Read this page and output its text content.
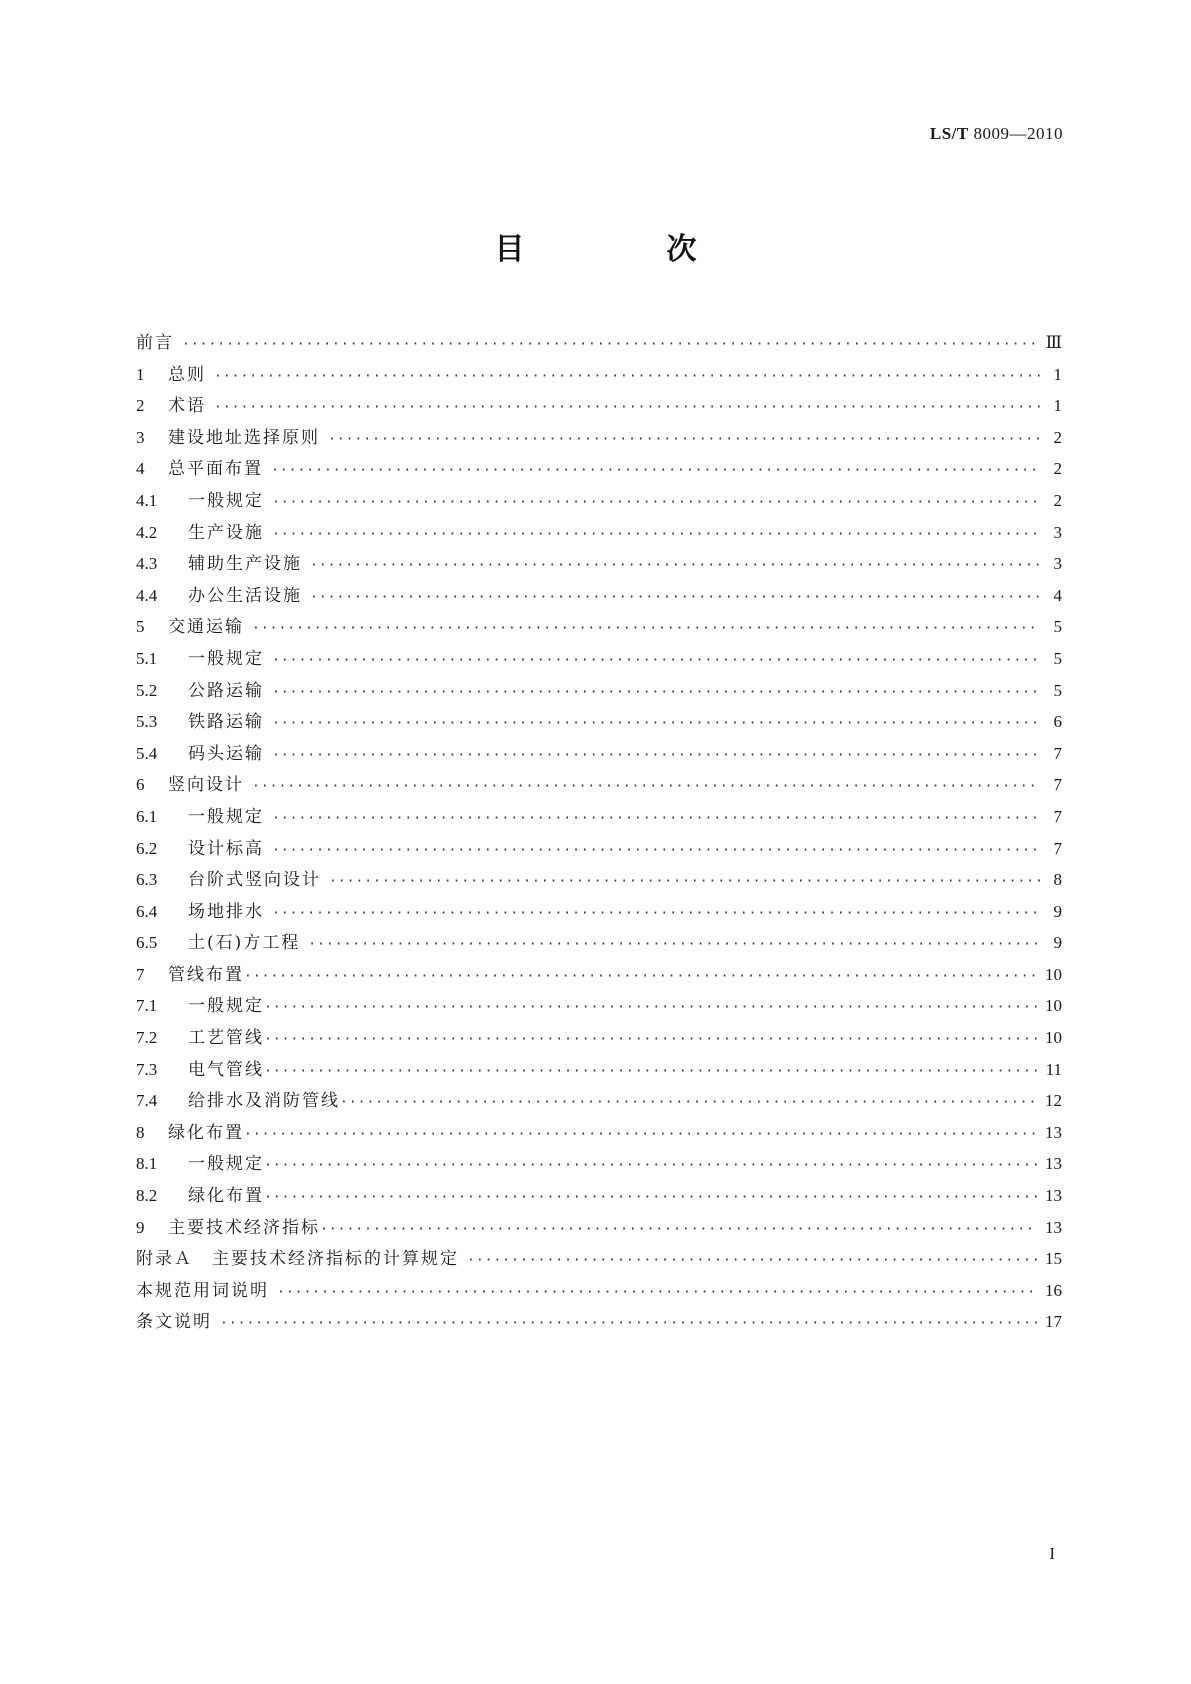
LS/T 8009—2010
目　次
前言 ·····	Ⅲ
1	总则 ·····	1
2	术语 ·····	1
3	建设地址选择原则 ·····	2
4	总平面布置 ·····	2
4.1	一般规定 ·····	2
4.2	生产设施 ·····	3
4.3	辅助生产设施 ·····	3
4.4	办公生活设施 ·····	4
5	交通运输 ·····	5
5.1	一般规定 ·····	5
5.2	公路运输 ·····	5
5.3	铁路运输 ·····	6
5.4	码头运输 ·····	7
6	竖向设计 ·····	7
6.1	一般规定 ·····	7
6.2	设计标高 ·····	7
6.3	台阶式竖向设计 ·····	8
6.4	场地排水 ·····	9
6.5	土(石)方工程 ·····	9
7	管线布置 ·····	10
7.1	一般规定 ·····	10
7.2	工艺管线 ·····	10
7.3	电气管线 ·····	11
7.4	给排水及消防管线 ·····	12
8	绿化布置 ·····	13
8.1	一般规定 ·····	13
8.2	绿化布置 ·····	13
9	主要技术经济指标 ·····	13
附录Ａ　主要技术经济指标的计算规定 ·····	15
本规范用词说明 ·····	16
条文说明 ·····	17
I
